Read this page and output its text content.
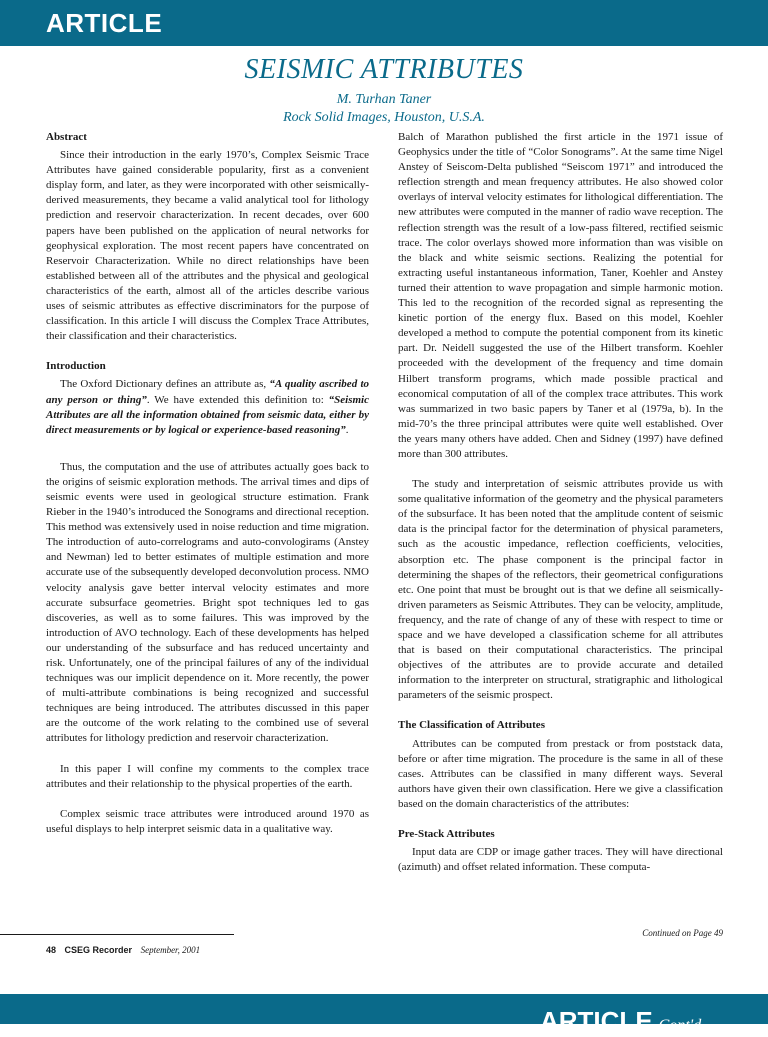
ARTICLE
SEISMIC ATTRIBUTES
M. Turhan Taner
Rock Solid Images, Houston, U.S.A.
Abstract

Since their introduction in the early 1970’s, Complex Seismic Trace Attributes have gained considerable popularity, first as a convenient display form, and later, as they were incorporated with other seismically-derived measurements, they became a valid analytical tool for lithology prediction and reservoir characterization. In recent decades, over 600 papers have been published on the application of neural networks for geophysical exploration. The most recent papers have concentrated on Reservoir Characterization. While no direct relationships have been established between all of the attributes and the physical and geological characteristics of the earth, almost all of the articles describe various uses of seismic attributes as effective discriminators for the purpose of classification. In this article I will discuss the Complex Trace Attributes, their classification and their characteristics.

Introduction

The Oxford Dictionary defines an attribute as, “A quality ascribed to any person or thing”. We have extended this definition to: “Seismic Attributes are all the information obtained from seismic data, either by direct measurements or by logical or experience-based reasoning”.

Thus, the computation and the use of attributes actually goes back to the origins of seismic exploration methods. The arrival times and dips of seismic events were used in geological structure estimation. Frank Rieber in the 1940’s introduced the Sonograms and directional reception. This method was extensively used in noise reduction and time migration. The introduction of auto-correlograms and auto-convologirams (Anstey and Newman) led to better estimates of multiple estimation and more accurate use of the subsequently developed deconvolution process. NMO velocity analysis gave better interval velocity estimates and more accurate subsurface geometries. Bright spot techniques led to gas discoveries, as well as to some failures. This was improved by the introduction of AVO technology. Each of these developments has helped our understanding of the subsurface and has reduced uncertainty and risk. Unfortunately, one of the principal failures of any of the individual techniques was our implicit dependence on it. More recently, the power of multi-attribute combinations is being recognized and successful techniques are being introduced. The attributes discussed in this paper are the outcome of the work relating to the combined use of several attributes for lithology prediction and reservoir characterization.

In this paper I will confine my comments to the complex trace attributes and their relationship to the physical properties of the earth.

Complex seismic trace attributes were introduced around 1970 as useful displays to help interpret seismic data in a qualitative way.

Balch of Marathon published the first article in the 1971 issue of Geophysics under the title of “Color Sonograms”. At the same time Nigel Anstey of Seiscom-Delta published “Seiscom 1971” and introduced the reflection strength and mean frequency attributes. He also showed color overlays of interval velocity estimates for lithological differentiation. The new attributes were computed in the manner of radio wave reception. The reflection strength was the result of a low-pass filtered, rectified seismic trace. The color overlays showed more information than was visible on the black and white seismic sections. Realizing the potential for extracting useful instantaneous information, Taner, Koehler and Anstey turned their attention to wave propagation and simple harmonic motion. This led to the recognition of the recorded signal as representing the kinetic portion of the energy flux. Based on this model, Koehler developed a method to compute the potential component from its kinetic part. Dr. Neidell suggested the use of the Hilbert transform. Koehler proceeded with the development of the frequency and time domain Hilbert transform programs, which made possible practical and economical computation of all of the complex trace attributes. This work was summarized in two basic papers by Taner et al (1979a, b). In the mid-70’s the three principal attributes were quite well established. Over the years many others have added. Chen and Sidney (1997) have defined more than 300 attributes.

The study and interpretation of seismic attributes provide us with some qualitative information of the geometry and the physical parameters of the subsurface. It has been noted that the amplitude content of seismic data is the principal factor for the determination of physical parameters, such as the acoustic impedance, reflection coefficients, velocities, absorption etc. The phase component is the principal factor in determining the shapes of the reflectors, their geometrical configurations etc. One point that must be brought out is that we define all seismically-driven parameters as Seismic Attributes. They can be velocity, amplitude, frequency, and the rate of change of any of these with respect to time or space and we have developed a classification scheme for all attributes that is based on their computational characteristics. The principal objectives of the attributes are to provide accurate and detailed information to the interpreter on structural, stratigraphic and lithological parameters of the seismic prospect.

The Classification of Attributes

Attributes can be computed from prestack or from poststack data, before or after time migration. The procedure is the same in all of these cases. Attributes can be classified in many different ways. Several authors have given their own classification. Here we give a classification based on the domain characteristics of the attributes:

Pre-Stack Attributes

Input data are CDP or image gather traces. They will have directional (azimuth) and offset related information. These computa-

Continued on Page 49
48 CSEG Recorder September, 2001
ARTICLE Cont'd
